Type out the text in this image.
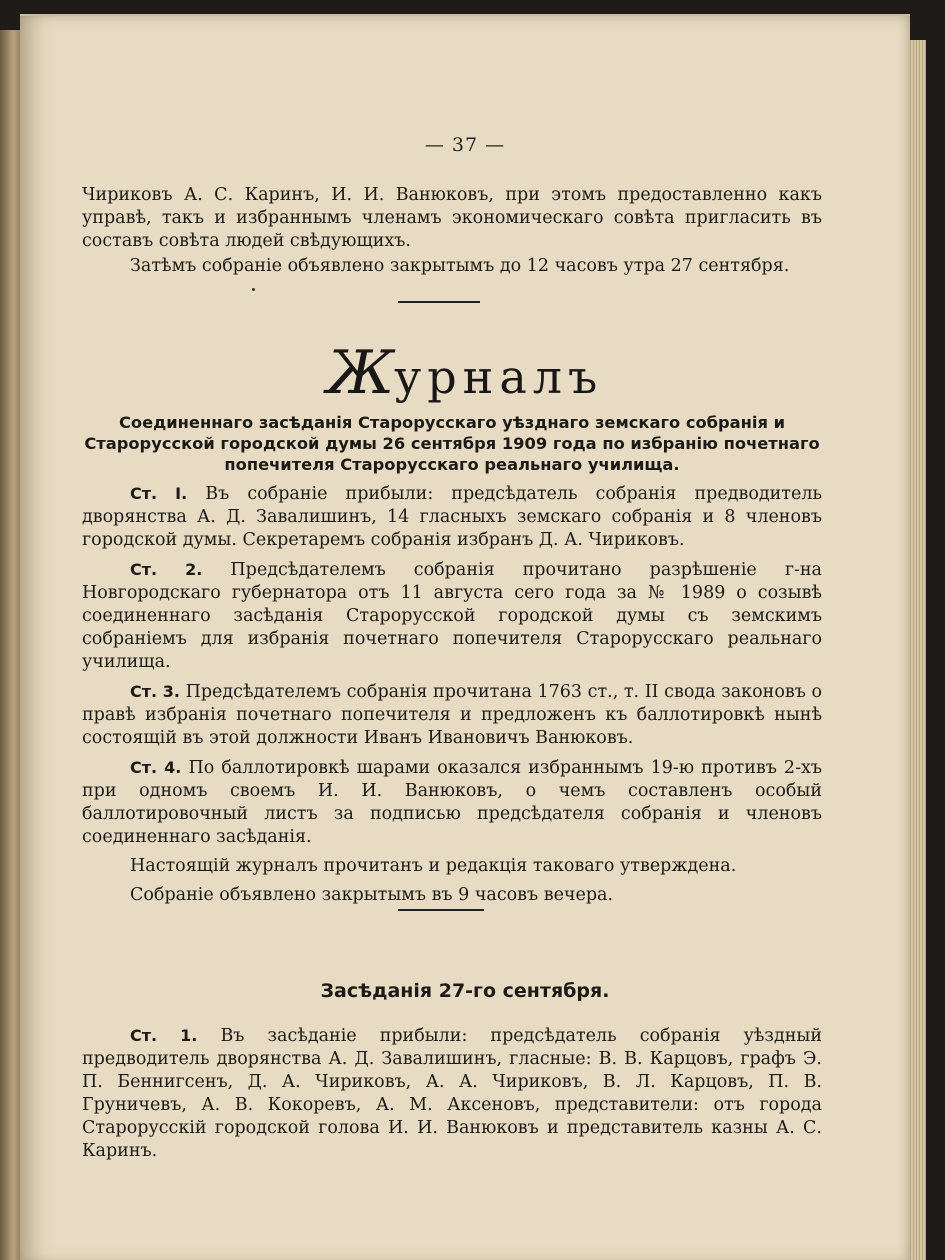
— 37 —

Чириковъ А. С. Каринъ, И. И. Ванюковъ, при этомъ предоставленно какъ управѣ, такъ и избраннымъ членамъ экономическаго совѣта пригласить въ составъ совѣта людей свѣдующихъ.

Затѣмъ собраніе объявлено закрытымъ до 12 часовъ утра 27 сентября.

Журналъ
Соединеннаго засѣданія Старорусскаго уѣзднаго земскаго собранія и Старорусской городской думы 26 сентября 1909 года по избранію почетнаго попечителя Старорусскаго реальнаго училища.

Ст. I. Въ собраніе прибыли: предсѣдатель собранія предводитель дворянства А. Д. Завалишинъ, 14 гласныхъ земскаго собранія и 8 членовъ городской думы. Секретаремъ собранія избранъ Д. А. Чириковъ.

Ст. 2. Предсѣдателемъ собранія прочитано разрѣшеніе г-на Новгородскаго губернатора отъ 11 августа сего года за № 1989 о созывѣ соединеннаго засѣданія Старорусской городской думы съ земскимъ собраніемъ для избранія почетнаго попечителя Старорусскаго реальнаго училища.

Ст. 3. Предсѣдателемъ собранія прочитана 1763 ст., т. II свода законовъ о правѣ избранія почетнаго попечителя и предложенъ къ баллотировкѣ нынѣ состоящій въ этой должности Иванъ Ивановичъ Ванюковъ.

Ст. 4. По баллотировкѣ шарами оказался избраннымъ 19-ю противъ 2-хъ при одномъ своемъ И. И. Ванюковъ, о чемъ составленъ особый баллотировочный листъ за подписью предсѣдателя собранія и членовъ соединеннаго засѣданія.

Настоящій журналъ прочитанъ и редакція таковаго утверждена.

Собраніе объявлено закрытымъ въ 9 часовъ вечера.

Засѣданія 27-го сентября.

Ст. 1. Въ засѣданіе прибыли: предсѣдатель собранія уѣздный предводитель дворянства А. Д. Завалишинъ, гласные: В. В. Карцовъ, графъ Э. П. Беннигсенъ, Д. А. Чириковъ, А. А. Чириковъ, В. Л. Карцовъ, П. В. Груничевъ, А. В. Кокоревъ, А. М. Аксеновъ, представители: отъ города Старорусскій городской голова И. И. Ванюковъ и представитель казны А. С. Каринъ.
